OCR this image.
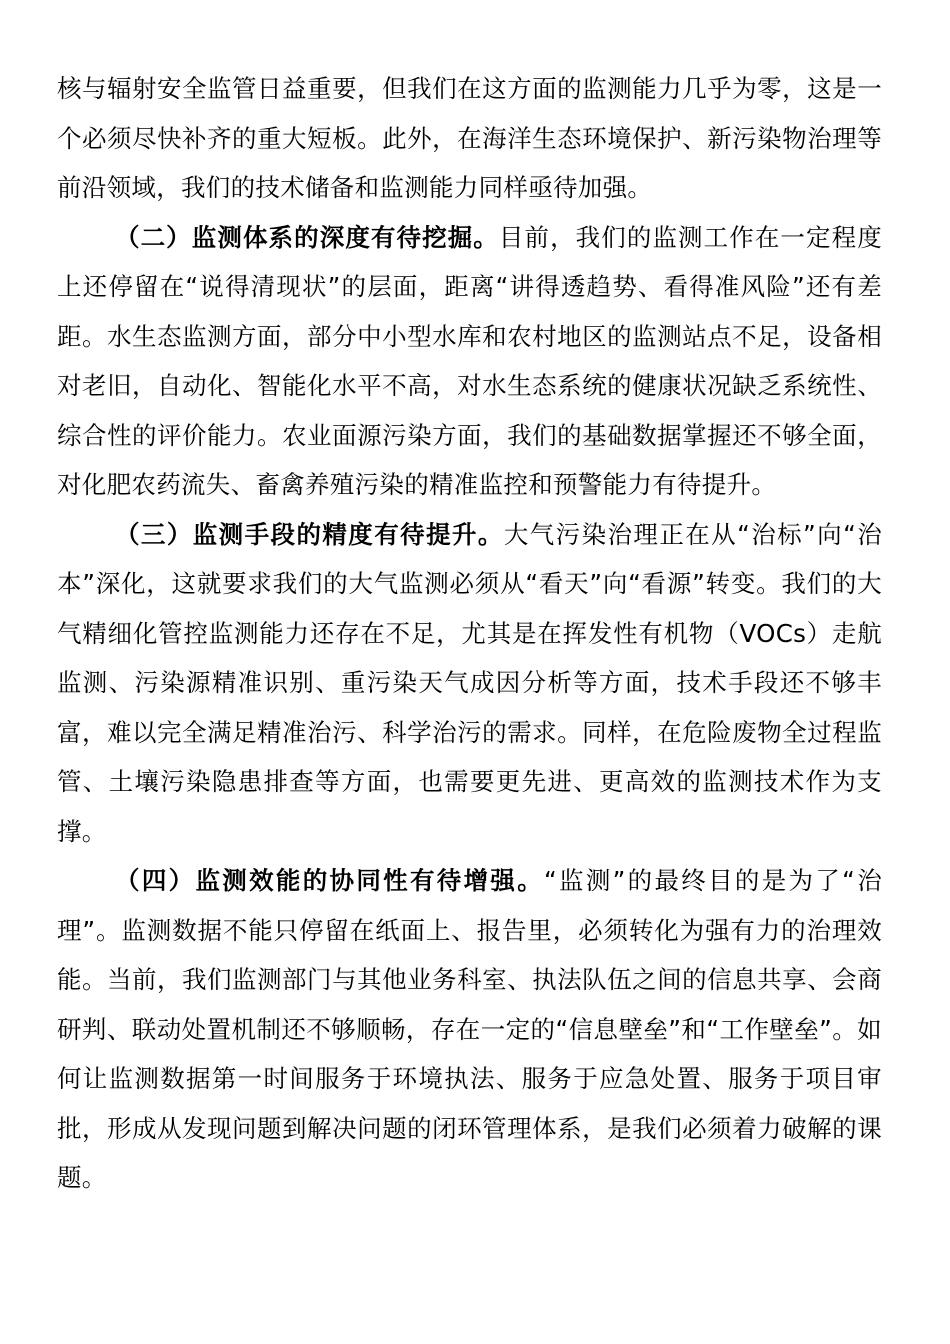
核与辐射安全监管日益重要，但我们在这方面的监测能力几乎为零，这是一个必须尽快补齐的重大短板。此外，在海洋生态环境保护、新污染物治理等前沿领域，我们的技术储备和监测能力同样亟待加强。

（二）监测体系的深度有待挖掘。目前，我们的监测工作在一定程度上还停留在“说得清现状”的层面，距离“讲得透趋势、看得准风险”还有差距。水生态监测方面，部分中小型水库和农村地区的监测站点不足，设备相对老旧，自动化、智能化水平不高，对水生态系统的健康状况缺乏系统性、综合性的评价能力。农业面源污染方面，我们的基础数据掌握还不够全面，对化肥农药流失、畜禽养殖污染的精准监控和预警能力有待提升。

（三）监测手段的精度有待提升。大气污染治理正在从“治标”向“治本”深化，这就要求我们的大气监测必须从“看天”向“看源”转变。我们的大气精细化管控监测能力还存在不足，尤其是在挥发性有机物（VOCs）走航监测、污染源精准识别、重污染天气成因分析等方面，技术手段还不够丰富，难以完全满足精准治污、科学治污的需求。同样，在危险废物全过程监管、土壤污染隐患排查等方面，也需要更先进、更高效的监测技术作为支撑。

（四）监测效能的协同性有待增强。“监测”的最终目的是为了“治理”。监测数据不能只停留在纸面上、报告里，必须转化为强有力的治理效能。当前，我们监测部门与其他业务科室、执法队伍之间的信息共享、会商研判、联动处置机制还不够顺畅，存在一定的“信息壁垒”和“工作壁垒”。如何让监测数据第一时间服务于环境执法、服务于应急处置、服务于项目审批，形成从发现问题到解决问题的闭环管理体系，是我们必须着力破解的课题。
